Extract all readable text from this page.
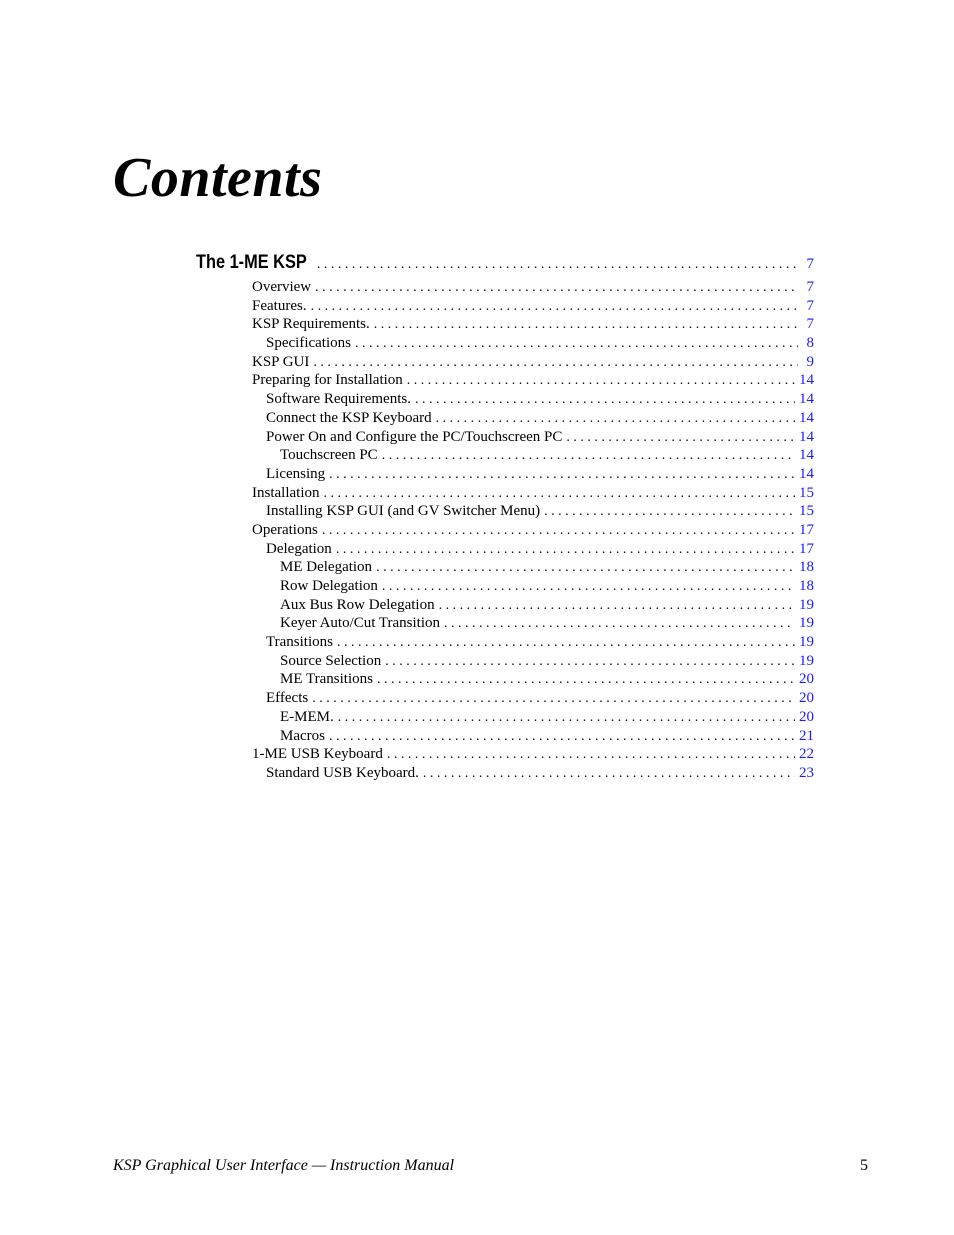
Contents
The 1-ME KSP . . .	7
Overview . . .	7
Features. . . .	7
KSP Requirements. . . .	7
Specifications . . .	8
KSP GUI . . .	9
Preparing for Installation . . .	14
Software Requirements. . . .	14
Connect the KSP Keyboard . . .	14
Power On and Configure the PC/Touchscreen PC . . .	14
Touchscreen PC . . .	14
Licensing . . .	14
Installation . . .	15
Installing KSP GUI (and GV Switcher Menu) . . .	15
Operations . . .	17
Delegation . . .	17
ME Delegation . . .	18
Row Delegation . . .	18
Aux Bus Row Delegation . . .	19
Keyer Auto/Cut Transition . . .	19
Transitions . . .	19
Source Selection . . .	19
ME Transitions . . .	20
Effects . . .	20
E-MEM. . . .	20
Macros . . .	21
1-ME USB Keyboard . . .	22
Standard USB Keyboard. . . .	23
KSP Graphical User Interface — Instruction Manual	5
